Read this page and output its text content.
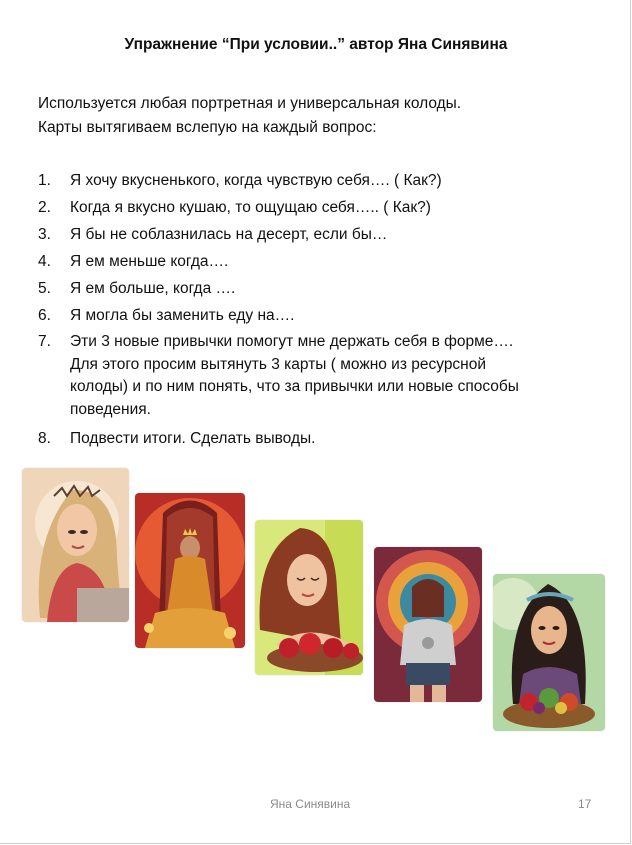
Упражнение “При условии..” автор Яна Синявина
Используется любая портретная и универсальная колоды.
Карты вытягиваем вслепую на каждый вопрос:
1. Я хочу вкусненького, когда чувствую себя…. ( Как?)
2. Когда я вкусно кушаю, то ощущаю себя….. ( Как?)
3. Я бы не соблазнилась на десерт, если бы…
4. Я ем меньше когда….
5. Я ем больше, когда ….
6. Я могла бы заменить еду на….
7. Эти 3 новые привычки помогут мне держать себя в форме….
Для этого просим вытянуть 3 карты ( можно из ресурсной
колоды) и по ним понять, что за привычки или новые способы
поведения.
8. Подвести итоги. Сделать выводы.
Яна Синявина	17
